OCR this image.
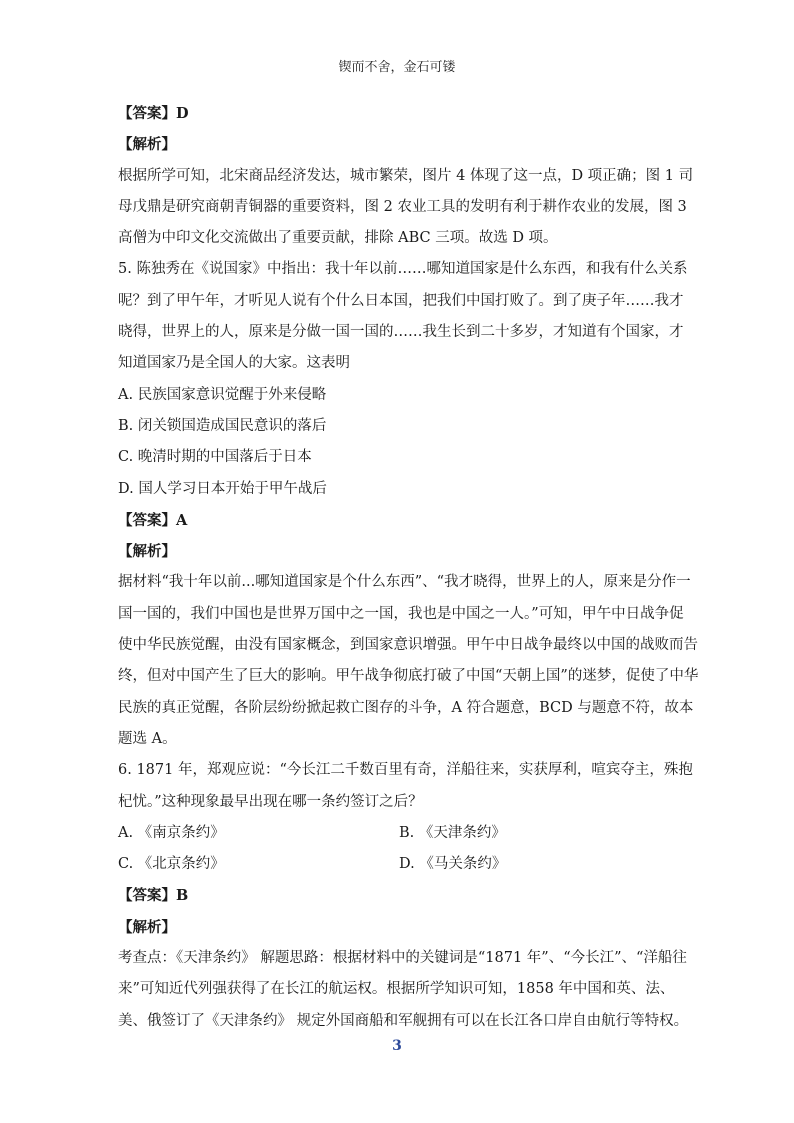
锲而不舍，金石可镂
【答案】D
【解析】
根据所学可知，北宋商品经济发达，城市繁荣，图片 4 体现了这一点，D 项正确；图 1 司
母戊鼎是研究商朝青铜器的重要资料，图 2 农业工具的发明有利于耕作农业的发展，图 3
高僧为中印文化交流做出了重要贡献，排除 ABC 三项。故选 D 项。
5. 陈独秀在《说国家》中指出：我十年以前……哪知道国家是什么东西，和我有什么关系
呢？到了甲午年，才听见人说有个什么日本国，把我们中国打败了。到了庚子年……我才
晓得，世界上的人，原来是分做一国一国的……我生长到二十多岁，才知道有个国家，才
知道国家乃是全国人的大家。这表明
A. 民族国家意识觉醒于外来侵略
B. 闭关锁国造成国民意识的落后
C. 晚清时期的中国落后于日本
D. 国人学习日本开始于甲午战后
【答案】A
【解析】
据材料“我十年以前...哪知道国家是个什么东西”、“我才晓得，世界上的人，原来是分作一
国一国的，我们中国也是世界万国中之一国，我也是中国之一人。”可知，甲午中日战争促
使中华民族觉醒，由没有国家概念，到国家意识增强。甲午中日战争最终以中国的战败而告
终，但对中国产生了巨大的影响。甲午战争彻底打破了中国“天朝上国”的迷梦，促使了中华
民族的真正觉醒，各阶层纷纷掀起救亡图存的斗争，A 符合题意，BCD 与题意不符，故本
题选 A。
6. 1871 年，郑观应说：“今长江二千数百里有奇，洋船往来，实获厚利，喧宾夺主，殊抱
杞忧。”这种现象最早出现在哪一条约签订之后？
A. 《南京条约》	B. 《天津条约》
C. 《北京条约》	D. 《马关条约》
【答案】B
【解析】
考查点：《天津条约》 解题思路：根据材料中的关键词是“1871 年”、“今长江”、“洋船往
来”可知近代列强获得了在长江的航运权。根据所学知识可知，1858 年中国和英、法、
美、俄签订了《天津条约》 规定外国商船和军舰拥有可以在长江各口岸自由航行等特权。
3
